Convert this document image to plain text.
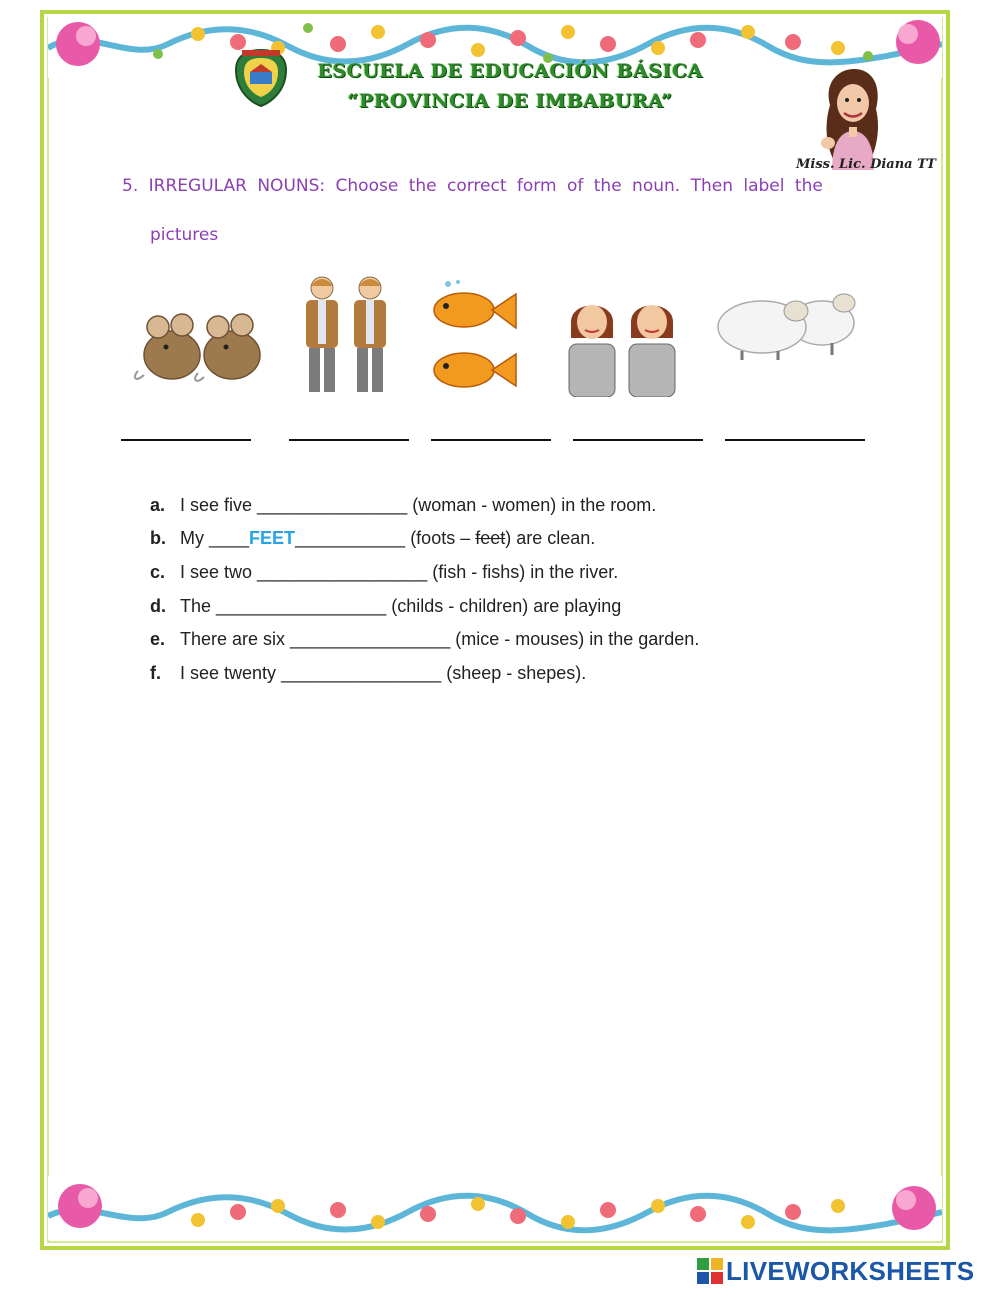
ESCUELA DE EDUCACIÓN BÁSICA
“PROVINCIA DE IMBABURA”
Miss. Lic. Diana TT
5. IRREGULAR NOUNS: Choose the correct form of the noun. Then label the
pictures
a. I see five _______________ (woman - women) in the room.
b. My ____FEET___________ (foots – feet) are clean.
c. I see two _________________ (fish - fishs) in the river.
d. The _________________ (childs - children) are playing
e. There are six ________________ (mice - mouses) in the garden.
f. I see twenty ________________ (sheep - shepes).
LIVEWORKSHEETS
